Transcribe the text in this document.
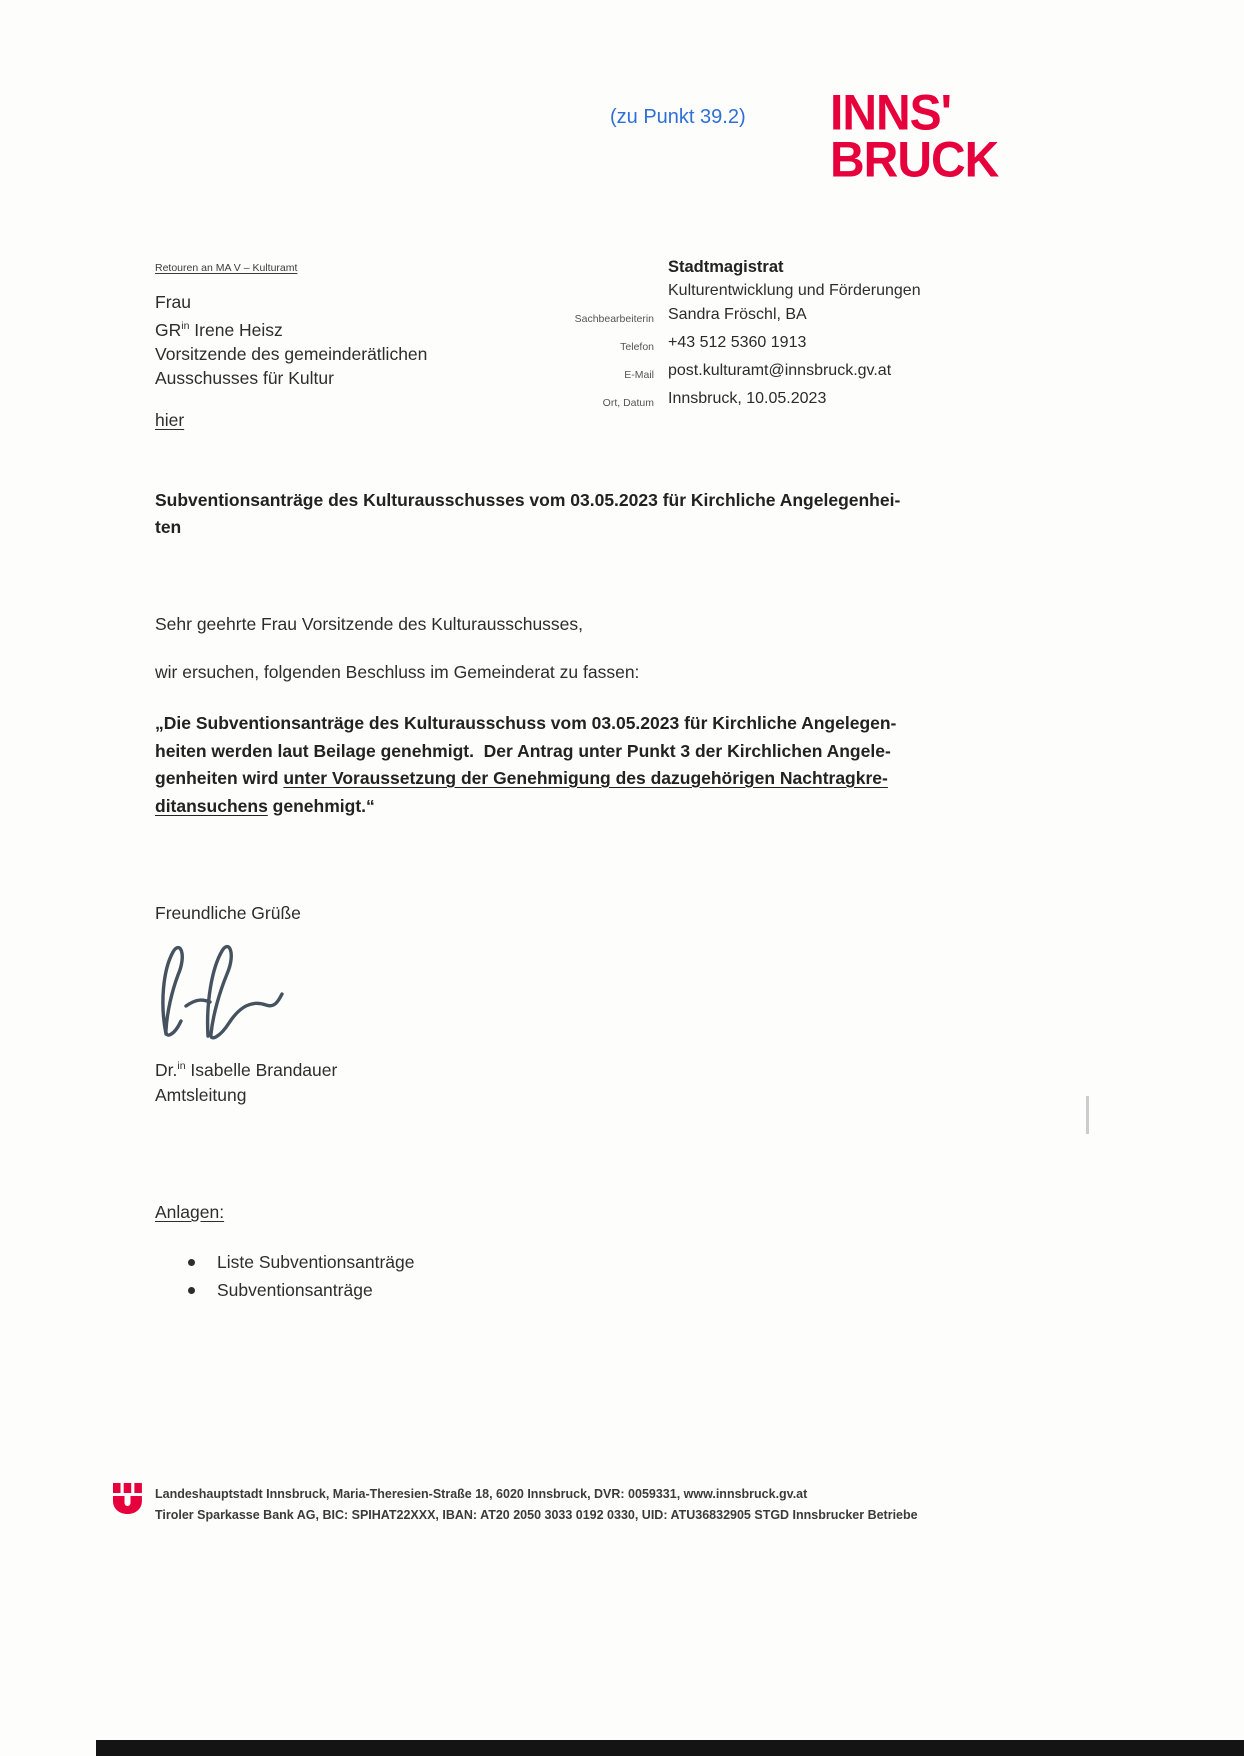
(zu Punkt 39.2) INNS'
BRUCK
Retouren an MA V – Kulturamt
Frau
$GR^{in}$ Irene Heisz
Vorsitzende des gemeinderätlichen
Ausschusses für Kultur
hier
Stadtmagistrat
Kulturentwicklung und Förderungen
Sachbearbeiterin Sandra Fröschl, BA
Telefon +43 512 5360 1913
E-Mail post.kulturamt@innsbruck.gv.at
Ort, Datum Innsbruck, 10.05.2023
Subventionsanträge des Kulturausschusses vom 03.05.2023 für Kirchliche Angelegenhei-
ten
Sehr geehrte Frau Vorsitzende des Kulturausschusses,
wir ersuchen, folgenden Beschluss im Gemeinderat zu fassen:
„Die Subventionsanträge des Kulturausschuss vom 03.05.2023 für Kirchliche Angelegen-
heiten werden laut Beilage genehmigt.  Der Antrag unter Punkt 3 der Kirchlichen Angele-
genheiten wird unter Voraussetzung der Genehmigung des dazugehörigen Nachtragkre-
ditansuchens genehmigt.“
Freundliche Grüße
Dr.$^{in}$ Isabelle Brandauer
Amtsleitung
Anlagen:
Liste Subventionsanträge
Subventionsanträge
Landeshauptstadt Innsbruck, Maria-Theresien-Straße 18, 6020 Innsbruck, DVR: 0059331, www.innsbruck.gv.at
Tiroler Sparkasse Bank AG, BIC: SPIHAT22XXX, IBAN: AT20 2050 3033 0192 0330, UID: ATU36832905 STGD Innsbrucker Betriebe
